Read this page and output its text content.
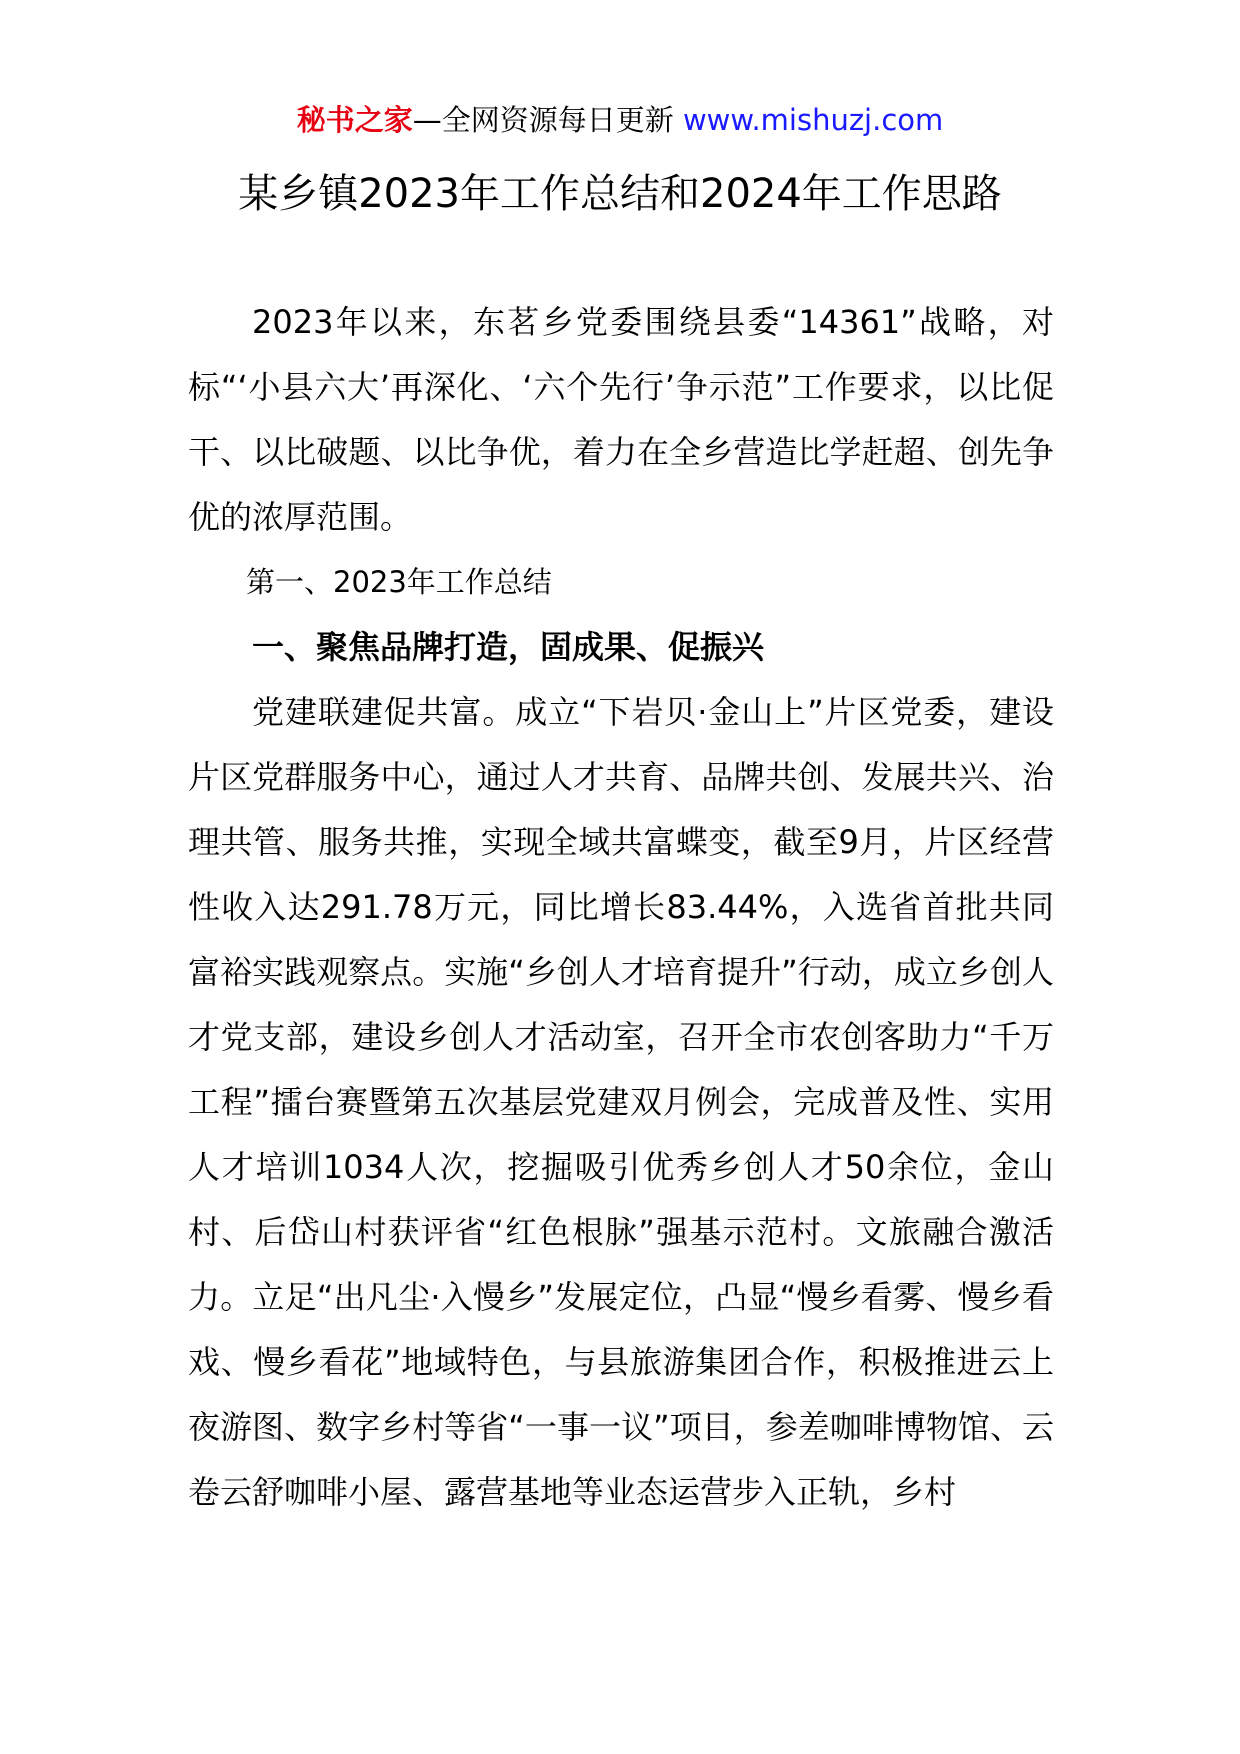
秘书之家—全网资源每日更新 www.mishuzj.com
某乡镇2023年工作总结和2024年工作思路

2023年以来，东茗乡党委围绕县委“14361”战略，对标“‘小县六大’再深化、‘六个先行’争示范”工作要求，以比促干、以比破题、以比争优，着力在全乡营造比学赶超、创先争优的浓厚范围。

第一、2023年工作总结

一、聚焦品牌打造，固成果、促振兴

党建联建促共富。成立“下岩贝·金山上”片区党委，建设片区党群服务中心，通过人才共育、品牌共创、发展共兴、治理共管、服务共推，实现全域共富蝶变，截至9月，片区经营性收入达291.78万元，同比增长83.44%，入选省首批共同富裕实践观察点。实施“乡创人才培育提升”行动，成立乡创人才党支部，建设乡创人才活动室，召开全市农创客助力“千万工程”擂台赛暨第五次基层党建双月例会，完成普及性、实用人才培训1034人次，挖掘吸引优秀乡创人才50余位，金山村、后岱山村获评省“红色根脉”强基示范村。文旅融合激活力。立足“出凡尘·入慢乡”发展定位，凸显“慢乡看雾、慢乡看戏、慢乡看花”地域特色，与县旅游集团合作，积极推进云上夜游图、数字乡村等省“一事一议”项目，参差咖啡博物馆、云卷云舒咖啡小屋、露营基地等业态运营步入正轨，乡村
